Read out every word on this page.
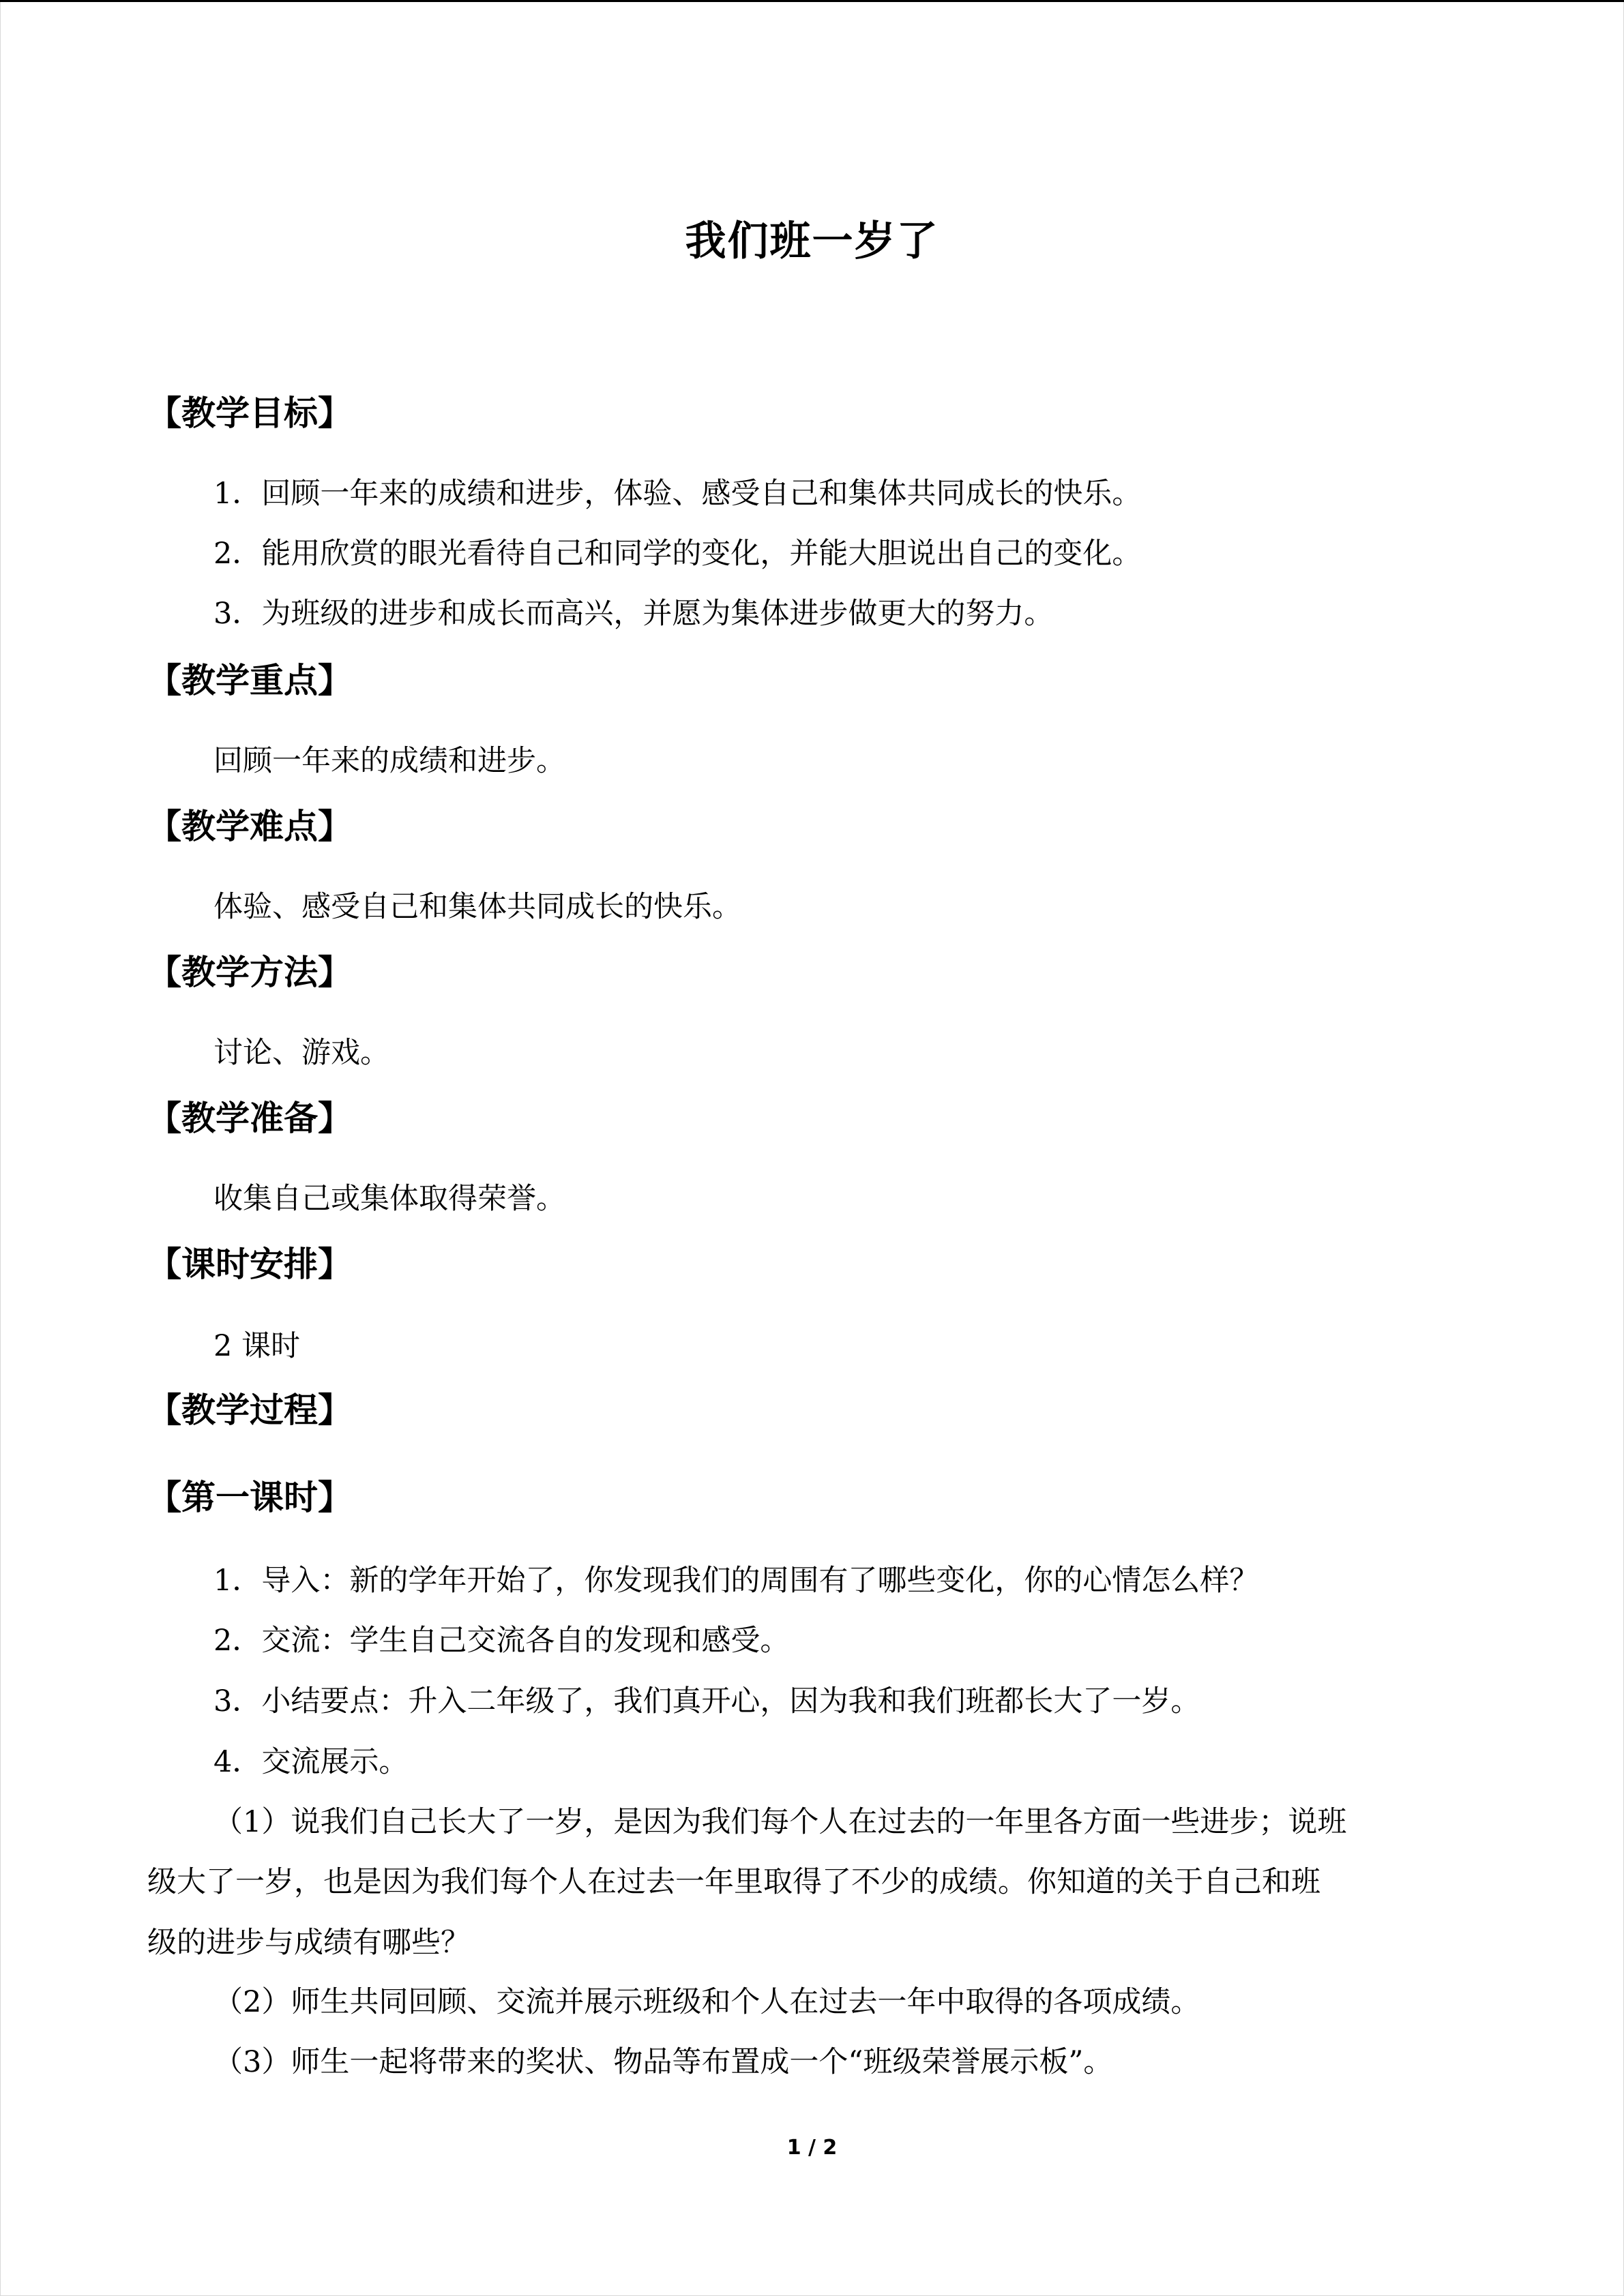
我们班一岁了
【教学目标】
1．回顾一年来的成绩和进步，体验、感受自己和集体共同成长的快乐。
2．能用欣赏的眼光看待自己和同学的变化，并能大胆说出自己的变化。
3．为班级的进步和成长而高兴，并愿为集体进步做更大的努力。
【教学重点】
回顾一年来的成绩和进步。
【教学难点】
体验、感受自己和集体共同成长的快乐。
【教学方法】
讨论、游戏。
【教学准备】
收集自己或集体取得荣誉。
【课时安排】
2 课时
【教学过程】
【第一课时】
1．导入：新的学年开始了，你发现我们的周围有了哪些变化，你的心情怎么样？
2．交流：学生自己交流各自的发现和感受。
3．小结要点：升入二年级了，我们真开心，因为我和我们班都长大了一岁。
4．交流展示。
（1）说我们自己长大了一岁，是因为我们每个人在过去的一年里各方面一些进步；说班
级大了一岁，也是因为我们每个人在过去一年里取得了不少的成绩。你知道的关于自己和班
级的进步与成绩有哪些？
（2）师生共同回顾、交流并展示班级和个人在过去一年中取得的各项成绩。
（3）师生一起将带来的奖状、物品等布置成一个“班级荣誉展示板”。
1 / 2
